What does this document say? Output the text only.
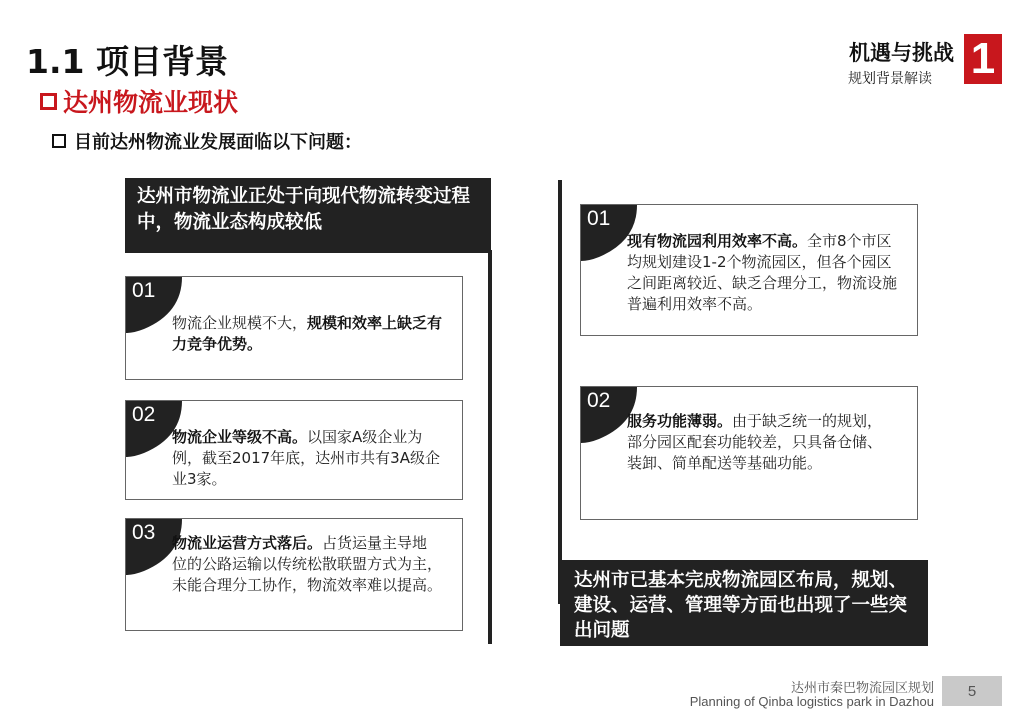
1.1 项目背景
达州物流业现状
目前达州物流业发展面临以下问题：
机遇与挑战
规划背景解读 1
达州市物流业正处于向现代物流转变过程中，物流业态构成较低
01
物流企业规模不大，规模和效率上缺乏有力竞争优势。
02
物流企业等级不高。以国家A级企业为例，截至2017年底，达州市共有3A级企业3家。
03 物流业运营方式落后。占货运量主导地位的公路运输以传统松散联盟方式为主，未能合理分工协作，物流效率难以提高。
01
现有物流园利用效率不高。全市8个市区均规划建设1-2个物流园区，但各个园区之间距离较近、缺乏合理分工，物流设施普遍利用效率不高。
02
服务功能薄弱。由于缺乏统一的规划，部分园区配套功能较差，只具备仓储、装卸、简单配送等基础功能。
达州市已基本完成物流园区布局，规划、建设、运营、管理等方面也出现了一些突出问题
达州市秦巴物流园区规划
Planning of Qinba logistics park in Dazhou
5
